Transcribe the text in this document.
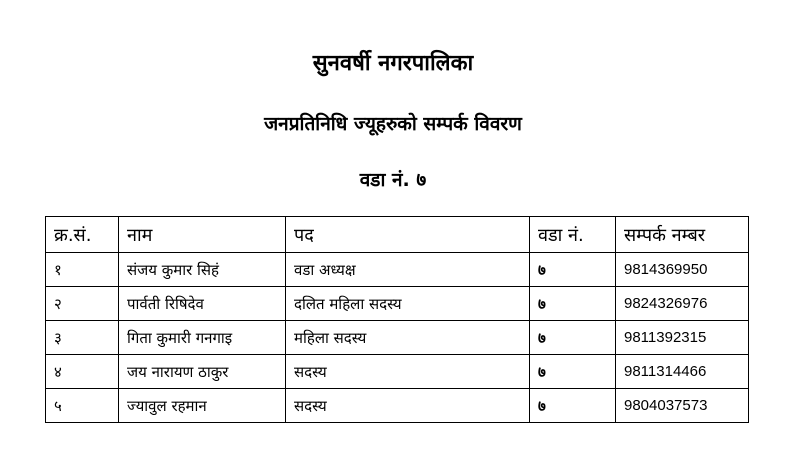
सुनवर्षी नगरपालिका
जनप्रतिनिधि ज्यूहरुको सम्पर्क विवरण
वडा नं. ७
क्र.सं.	नाम	पद	वडा नं.	सम्पर्क नम्बर
१	संजय कुमार सिहं	वडा अध्यक्ष	७	9814369950
२	पार्वती रिषिदेव	दलित महिला सदस्य	७	9824326976
३	गिता कुमारी गनगाइ	महिला सदस्य	७	9811392315
४	जय नारायण ठाकुर	सदस्य	७	9811314466
५	ज्यावुल रहमान	सदस्य	७	9804037573
